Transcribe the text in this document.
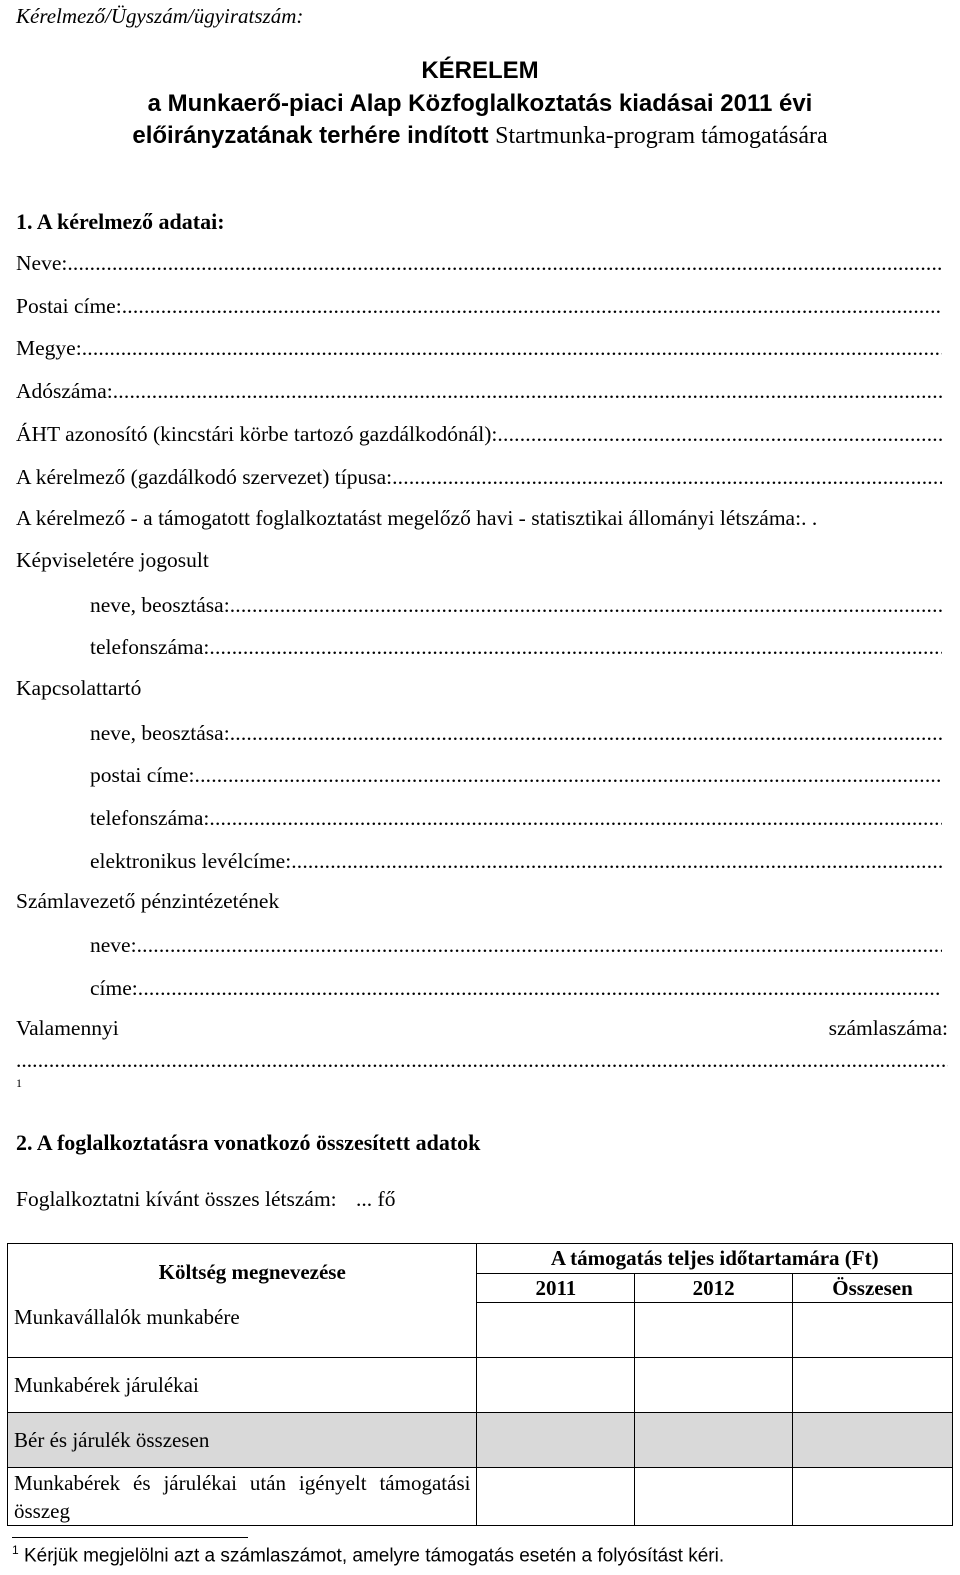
Kérelmező/Ügyszám/ügyiratszám:
KÉRELEM
a Munkaerő-piaci Alap Közfoglalkoztatás kiadásai 2011 évi
előirányzatának terhére indított Startmunka-program támogatására
1. A kérelmező adatai:
Neve:
.....
Postai címe:
.....
Megye:
.....
Adószáma:
.....
ÁHT azonosító (kincstári körbe tartozó gazdálkodónál):
.....
A kérelmező (gazdálkodó szervezet) típusa:
.....
A kérelmező - a támogatott foglalkoztatást megelőző havi - statisztikai állományi létszáma:. .
Képviseletére jogosult
neve, beosztása:
.....
telefonszáma:
.....
Kapcsolattartó
neve, beosztása:
.....
postai címe:
.....
telefonszáma:
.....
elektronikus levélcíme:
.....
Számlavezető pénzintézetének
neve:
.....
címe:
.....
Valamennyi	számlaszáma:
...
.....
1
2. A foglalkoztatásra vonatkozó összesített adatok
Foglalkoztatni kívánt összes létszám: ... fő
Költség megnevezése	A támogatás teljes időtartamára (Ft)		
	2011	2012	Összesen
Munkavállalók munkabére			
Munkabérek járulékai			
Bér és járulék összesen			
Munkabérek és járulékai után igényelt támogatási összeg			
$^1$ Kérjük megjelölni azt a számlaszámot, amelyre támogatás esetén a folyósítást kéri.
